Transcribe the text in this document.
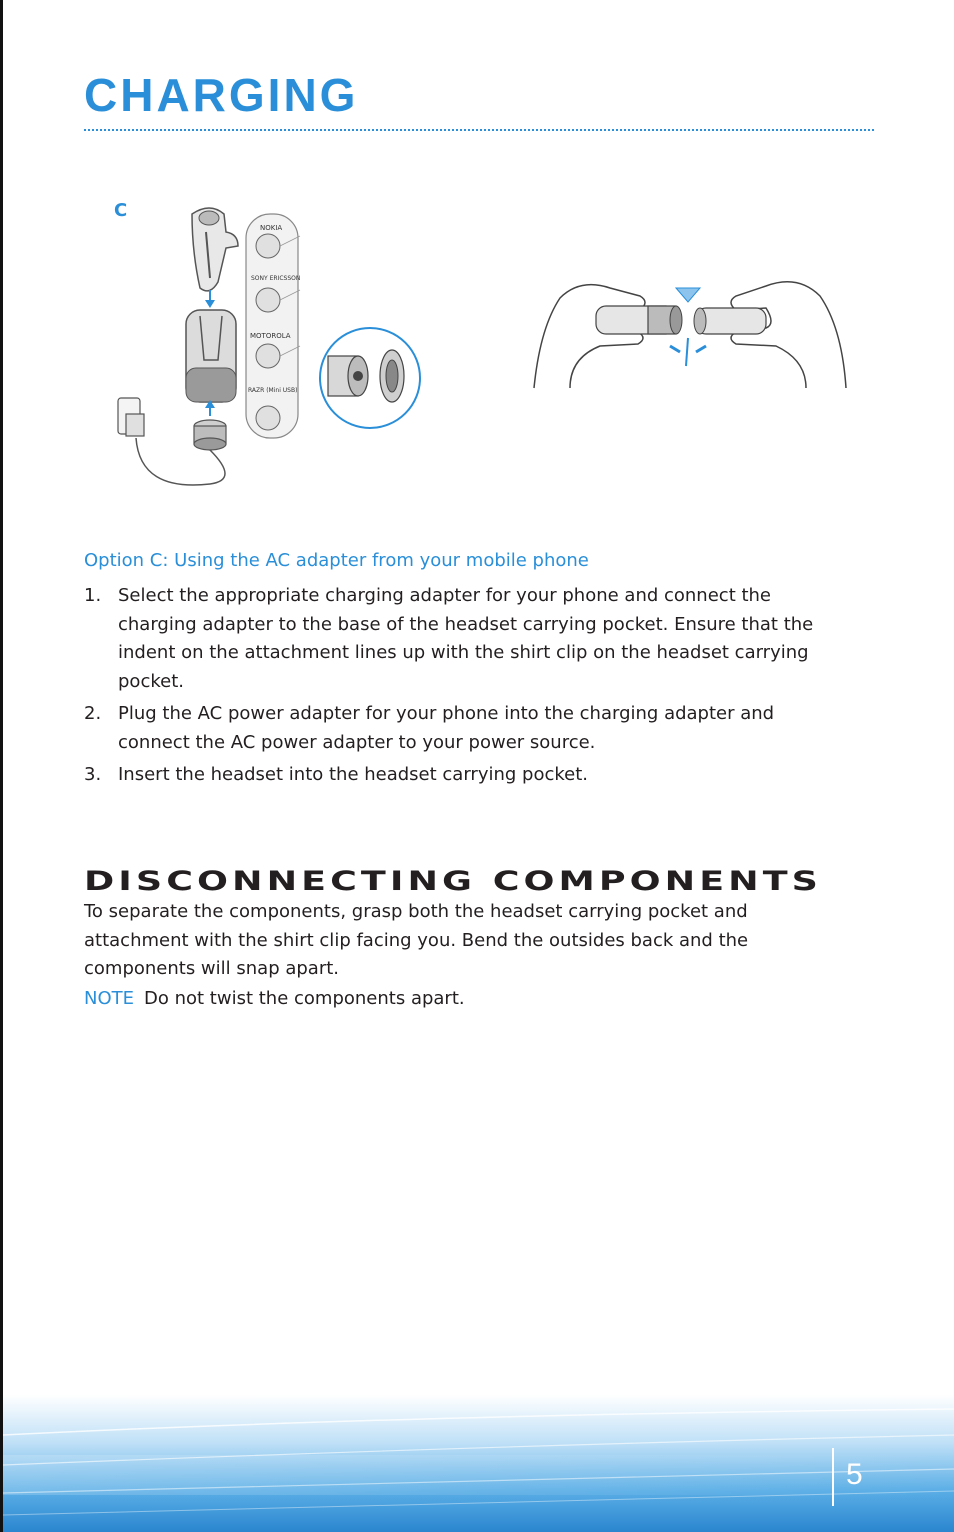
CHARGING
C
NOKIA
SONY ERICSSON
MOTOROLA
RAZR (Mini USB)
Option C: Using the AC adapter from your mobile phone
1. Select the appropriate charging adapter for your phone and connect the charging adapter to the base of the headset carrying pocket. Ensure that the indent on the attachment lines up with the shirt clip on the headset carrying pocket.
2. Plug the AC power adapter for your phone into the charging adapter and connect the AC power adapter to your power source.
3. Insert the headset into the headset carrying pocket.
DISCONNECTING COMPONENTS
To separate the components, grasp both the headset carrying pocket and attachment with the shirt clip facing you. Bend the outsides back and the components will snap apart.
NOTE Do not twist the components apart.
5
